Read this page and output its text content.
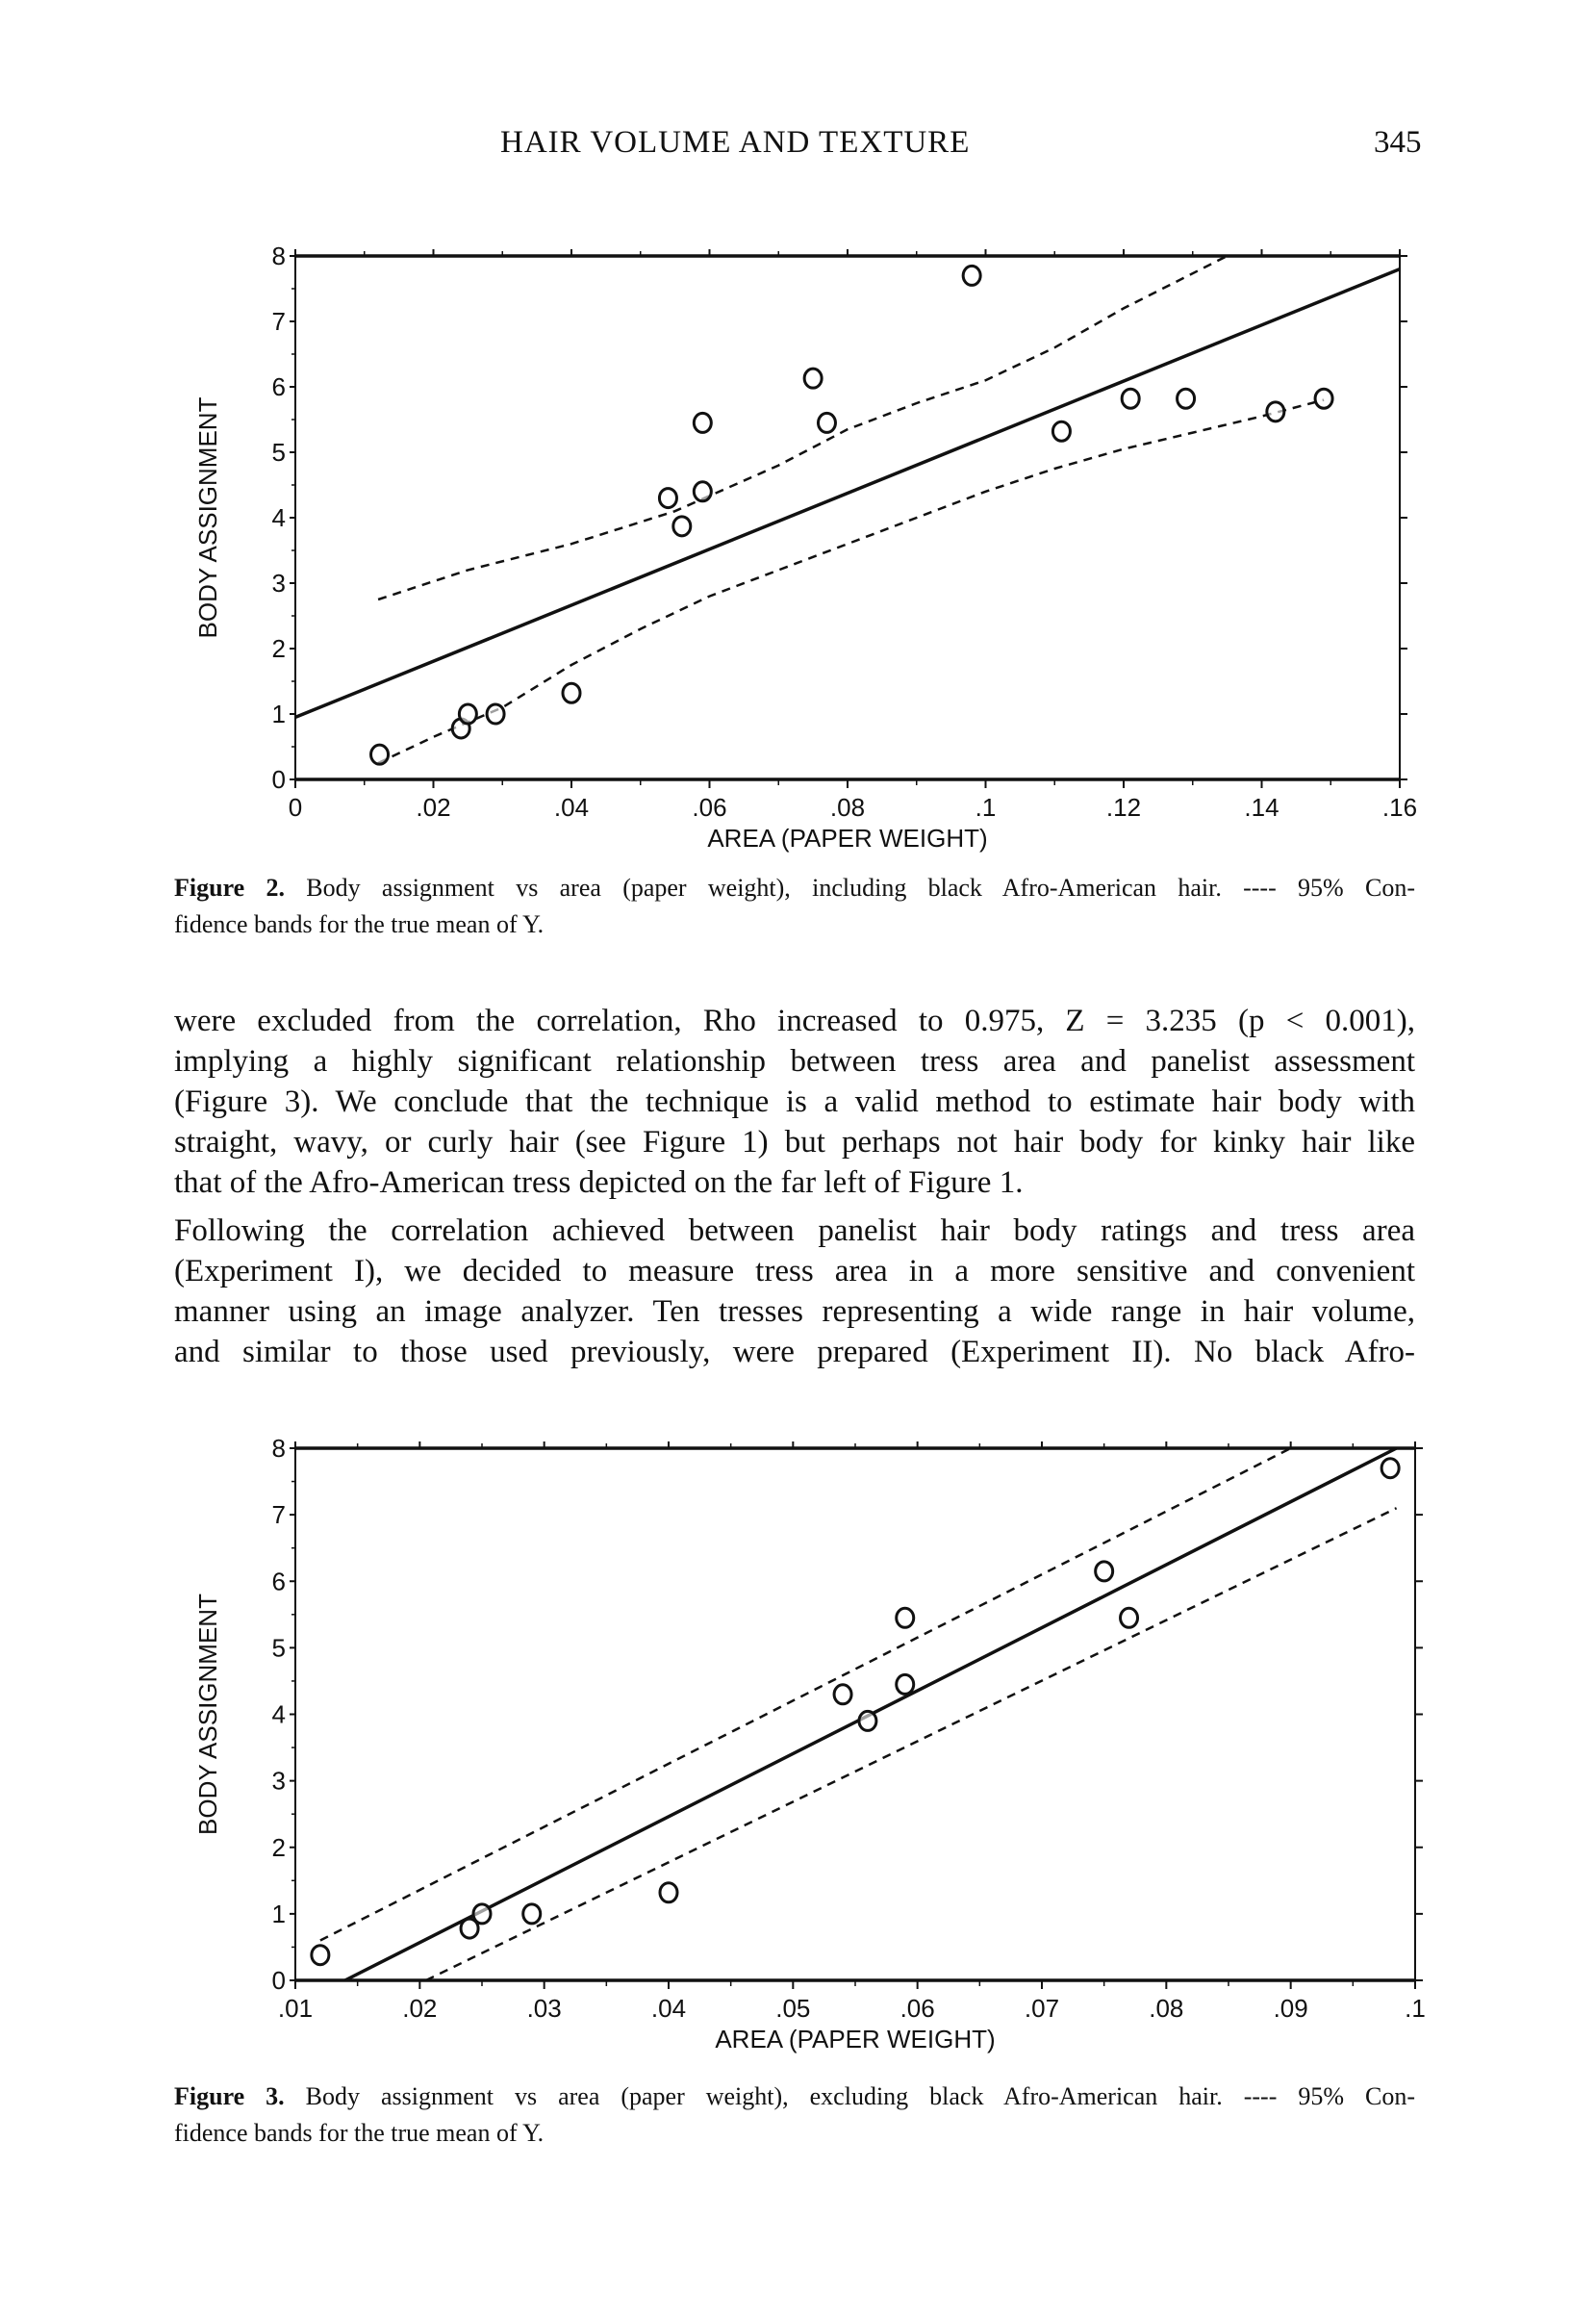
HAIR VOLUME AND TEXTURE	345
0	.02	.04	.06	.08	.1	.12	.14	.16
0
1
2
3
4
5
6
7
8
AREA (PAPER WEIGHT)
BODY ASSIGNMENT
Figure 2. Body assignment vs area (paper weight), including black Afro-American hair. ---- 95% Con-
fidence bands for the true mean of Y.
were excluded from the correlation, Rho increased to 0.975, Z = 3.235 (p < 0.001),
implying a highly significant relationship between tress area and panelist assessment
(Figure 3). We conclude that the technique is a valid method to estimate hair body with
straight, wavy, or curly hair (see Figure 1) but perhaps not hair body for kinky hair like
that of the Afro-American tress depicted on the far left of Figure 1.
Following the correlation achieved between panelist hair body ratings and tress area
(Experiment I), we decided to measure tress area in a more sensitive and convenient
manner using an image analyzer. Ten tresses representing a wide range in hair volume,
and similar to those used previously, were prepared (Experiment II). No black Afro-
.01	.02	.03	.04	.05	.06	.07	.08	.09	.1
0
1
2
3
4
5
6
7
8
AREA (PAPER WEIGHT)
BODY ASSIGNMENT
Figure 3. Body assignment vs area (paper weight), excluding black Afro-American hair. ---- 95% Con-
fidence bands for the true mean of Y.
